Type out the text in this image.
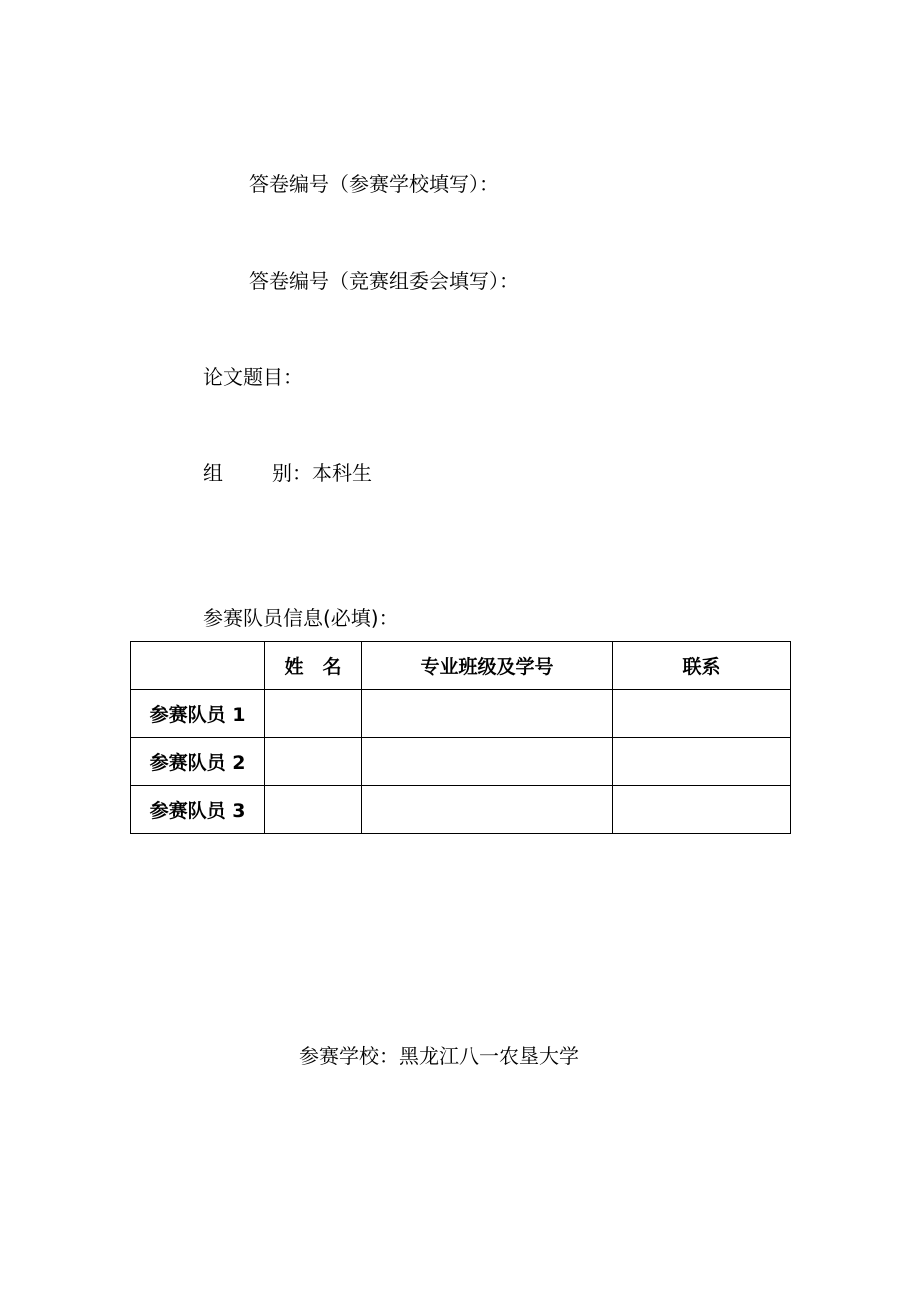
答卷编号（参赛学校填写）：
答卷编号（竞赛组委会填写）：
论文题目：
组 别：本科生
参赛队员信息(必填)：
	姓　名	专业班级及学号	联系
参赛队员 1			
参赛队员 2			
参赛队员 3			
参赛学校：黑龙江八一农垦大学
